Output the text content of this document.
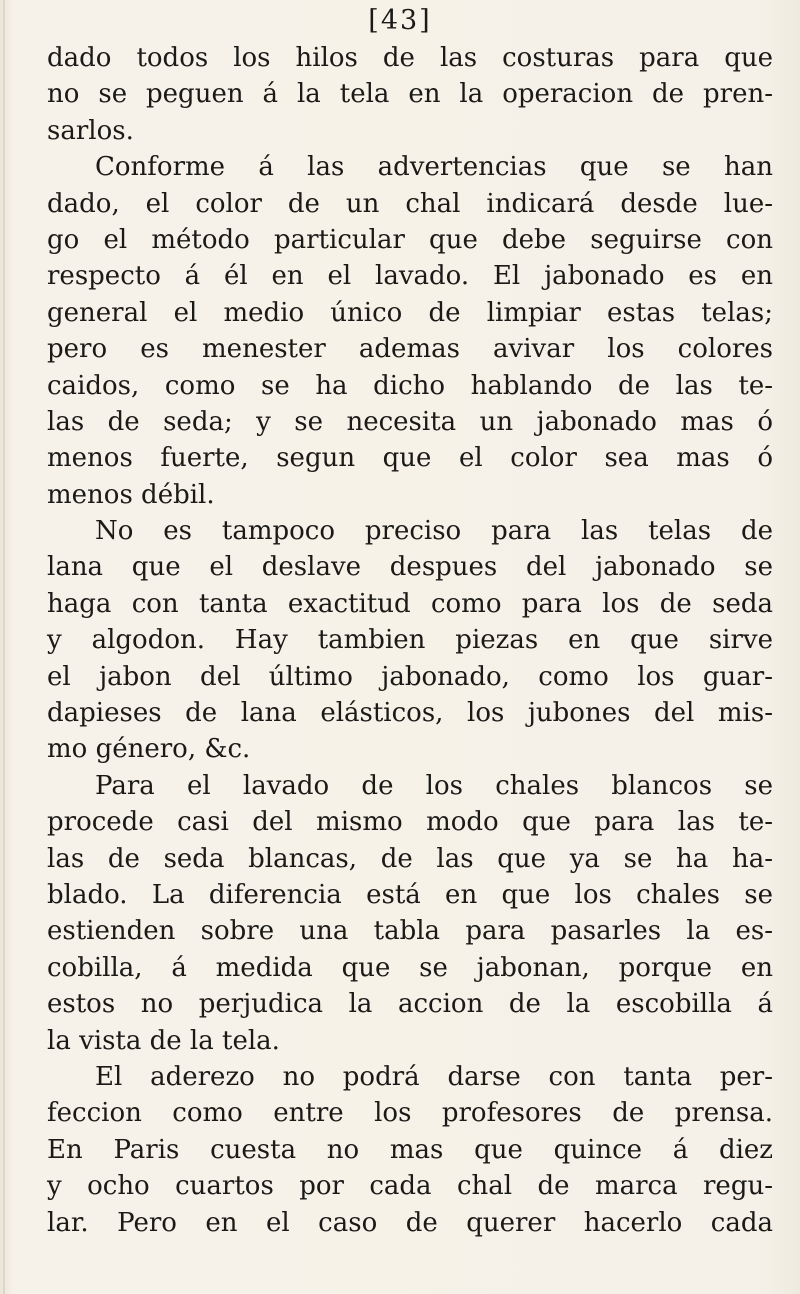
[43]
dado todos los hilos de las costuras para que
no se peguen á la tela en la operacion de pren-
sarlos.
Conforme á las advertencias que se han
dado, el color de un chal indicará desde lue-
go el método particular que debe seguirse con
respecto á él en el lavado. El jabonado es en
general el medio único de limpiar estas telas;
pero es menester ademas avivar los colores
caidos, como se ha dicho hablando de las te-
las de seda; y se necesita un jabonado mas ó
menos fuerte, segun que el color sea mas ó
menos débil.
No es tampoco preciso para las telas de
lana que el deslave despues del jabonado se
haga con tanta exactitud como para los de seda
y algodon. Hay tambien piezas en que sirve
el jabon del último jabonado, como los guar-
dapieses de lana elásticos, los jubones del mis-
mo género, &c.
Para el lavado de los chales blancos se
procede casi del mismo modo que para las te-
las de seda blancas, de las que ya se ha ha-
blado. La diferencia está en que los chales se
estienden sobre una tabla para pasarles la es-
cobilla, á medida que se jabonan, porque en
estos no perjudica la accion de la escobilla á
la vista de la tela.
El aderezo no podrá darse con tanta per-
feccion como entre los profesores de prensa.
En Paris cuesta no mas que quince á diez
y ocho cuartos por cada chal de marca regu-
lar. Pero en el caso de querer hacerlo cada
